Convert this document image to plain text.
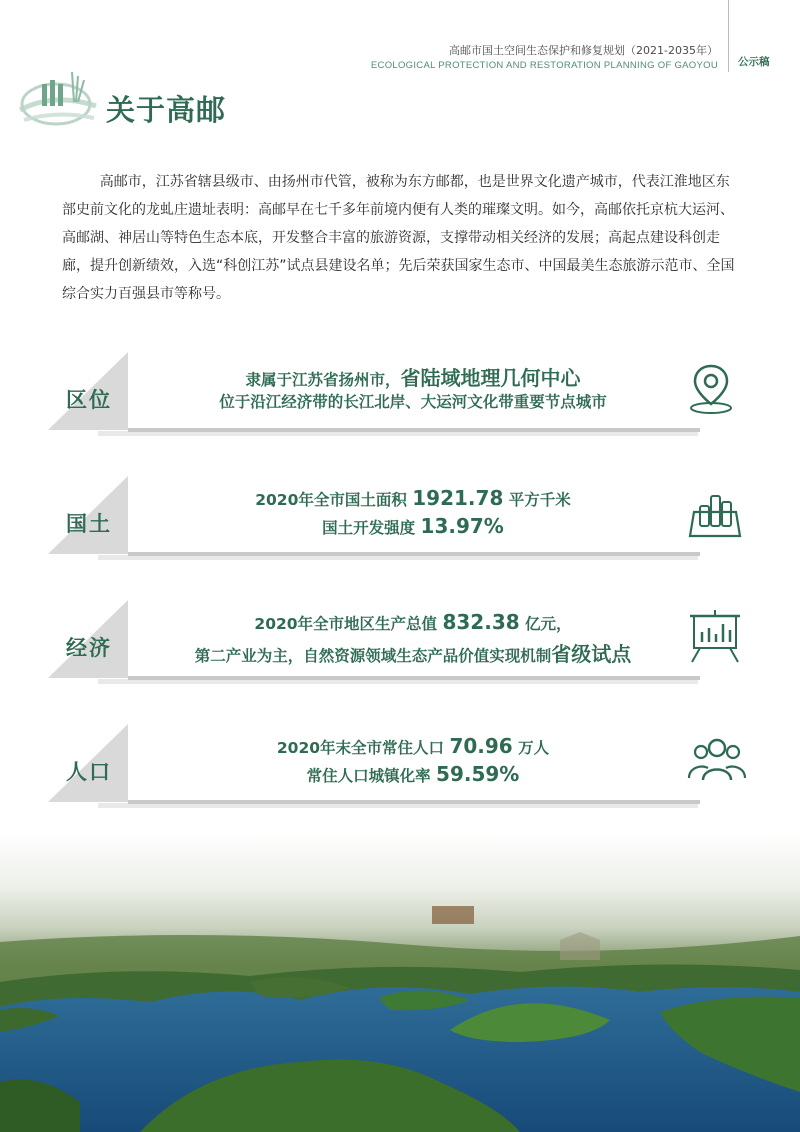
高邮市国土空间生态保护和修复规划（2021-2035年）
ECOLOGICAL PROTECTION AND RESTORATION PLANNING OF GAOYOU 公示稿
关于高邮

高邮市，江苏省辖县级市、由扬州市代管，被称为东方邮都，也是世界文化遗产城市，代表江淮地区东部史前文化的龙虬庄遗址表明：高邮早在七千多年前境内便有人类的璀璨文明。如今，高邮依托京杭大运河、高邮湖、神居山等特色生态本底，开发整合丰富的旅游资源，支撑带动相关经济的发展；高起点建设科创走廊，提升创新绩效，入选“科创江苏”试点县建设名单；先后荣获国家生态市、中国最美生态旅游示范市、全国综合实力百强县市等称号。

区位
隶属于江苏省扬州市，省陆域地理几何中心
位于沿江经济带的长江北岸、大运河文化带重要节点城市
国土
2020年全市国土面积 1921.78 平方千米
国土开发强度 13.97%
经济
2020年全市地区生产总值 832.38 亿元，
第二产业为主，自然资源领域生态产品价值实现机制省级试点
人口
2020年末全市常住人口 70.96 万人
常住人口城镇化率 59.59%
